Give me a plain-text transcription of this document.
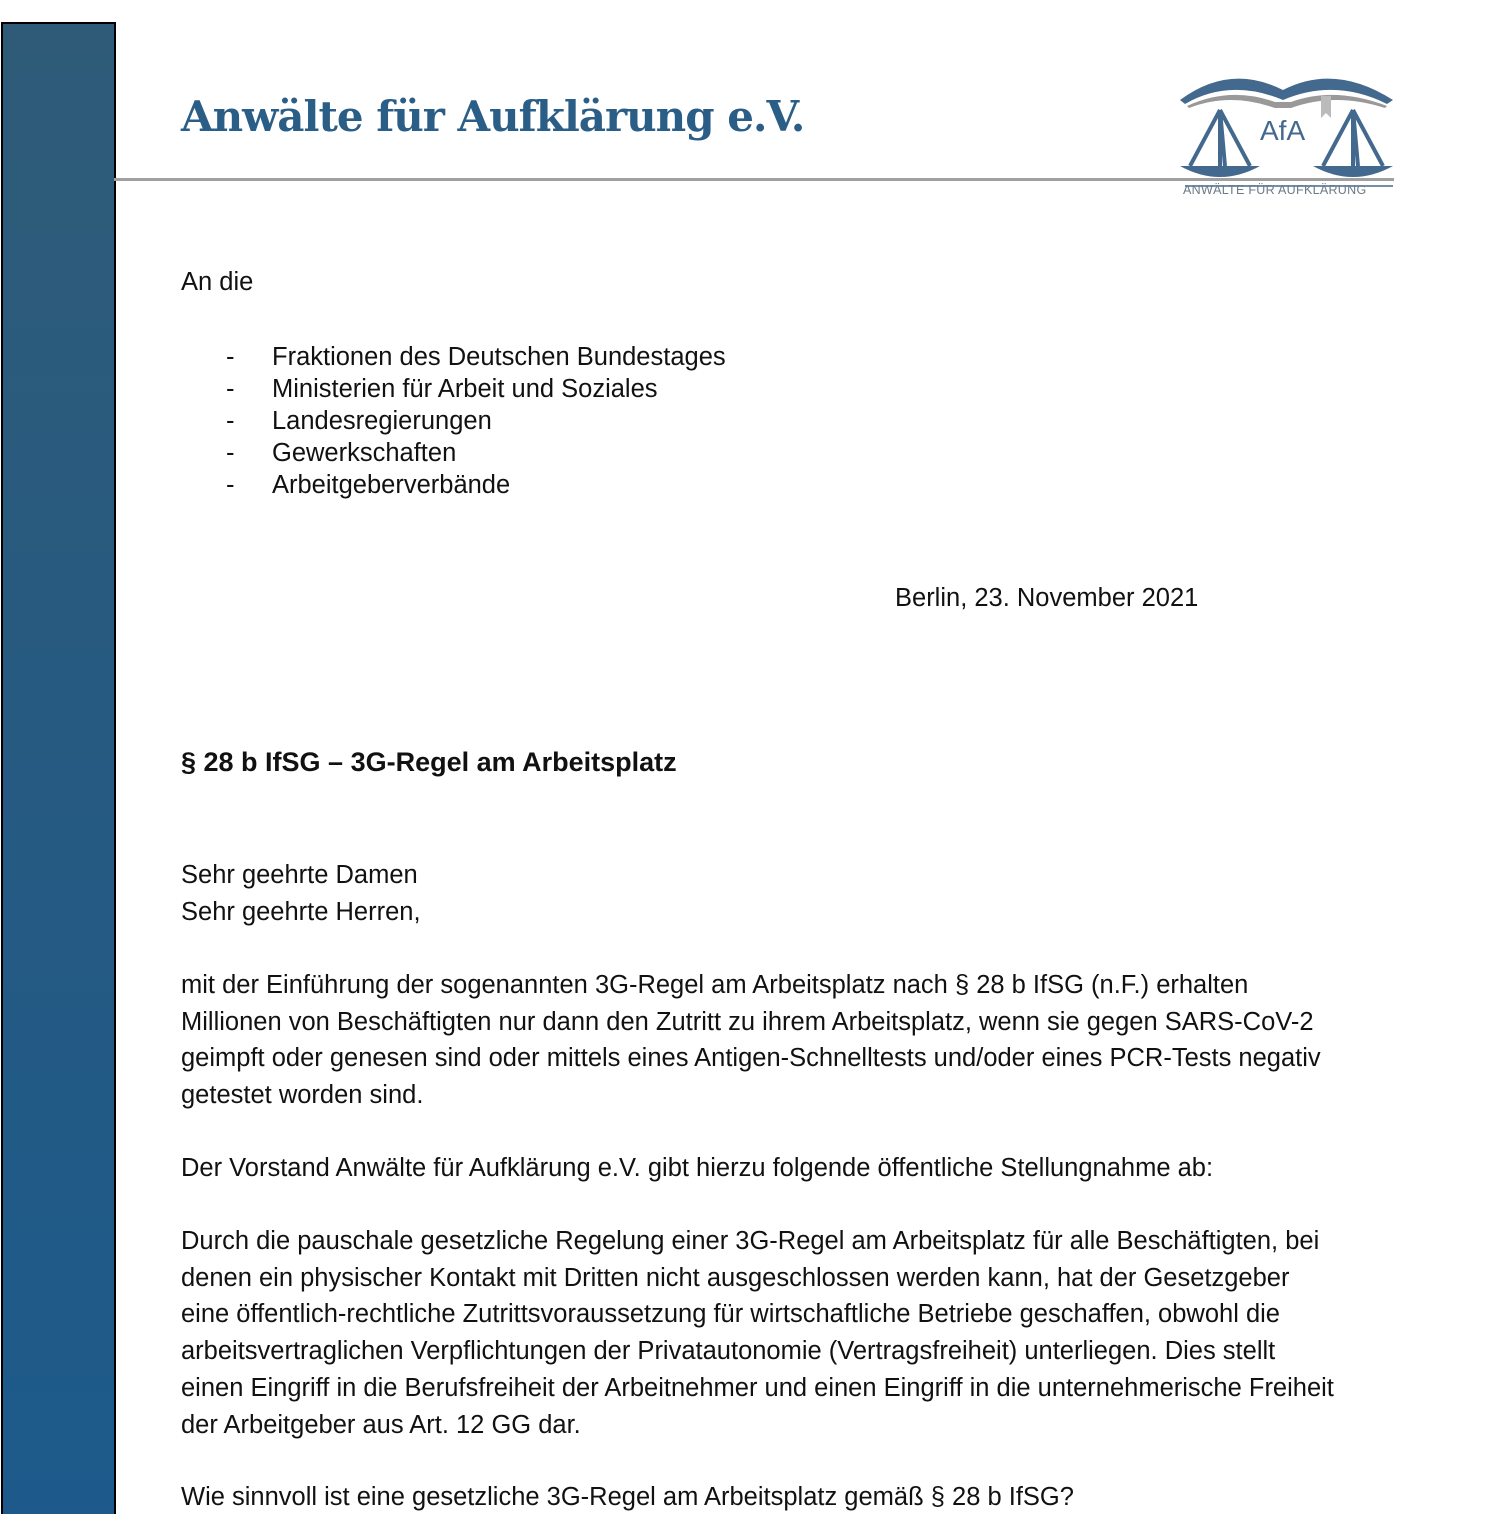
Anwälte für Aufklärung e.V.	AfA
ANWÄLTE FÜR AUFKLÄRUNG
An die
-	Fraktionen des Deutschen Bundestages
-	Ministerien für Arbeit und Soziales
-	Landesregierungen
-	Gewerkschaften
-	Arbeitgeberverbände
Berlin, 23. November 2021
§ 28 b IfSG – 3G-Regel am Arbeitsplatz
Sehr geehrte Damen
Sehr geehrte Herren,

mit der Einführung der sogenannten 3G-Regel am Arbeitsplatz nach § 28 b IfSG (n.F.) erhalten Millionen von Beschäftigten nur dann den Zutritt zu ihrem Arbeitsplatz, wenn sie gegen SARS-CoV-2 geimpft oder genesen sind oder mittels eines Antigen-Schnelltests und/oder eines PCR-Tests negativ getestet worden sind.

Der Vorstand Anwälte für Aufklärung e.V. gibt hierzu folgende öffentliche Stellungnahme ab:

Durch die pauschale gesetzliche Regelung einer 3G-Regel am Arbeitsplatz für alle Beschäftigten, bei denen ein physischer Kontakt mit Dritten nicht ausgeschlossen werden kann, hat der Gesetzgeber eine öffentlich-rechtliche Zutrittsvoraussetzung für wirtschaftliche Betriebe geschaffen, obwohl die arbeitsvertraglichen Verpflichtungen der Privatautonomie (Vertragsfreiheit) unterliegen. Dies stellt einen Eingriff in die Berufsfreiheit der Arbeitnehmer und einen Eingriff in die unternehmerische Freiheit der Arbeitgeber aus Art. 12 GG dar.

Wie sinnvoll ist eine gesetzliche 3G-Regel am Arbeitsplatz gemäß § 28 b IfSG?
